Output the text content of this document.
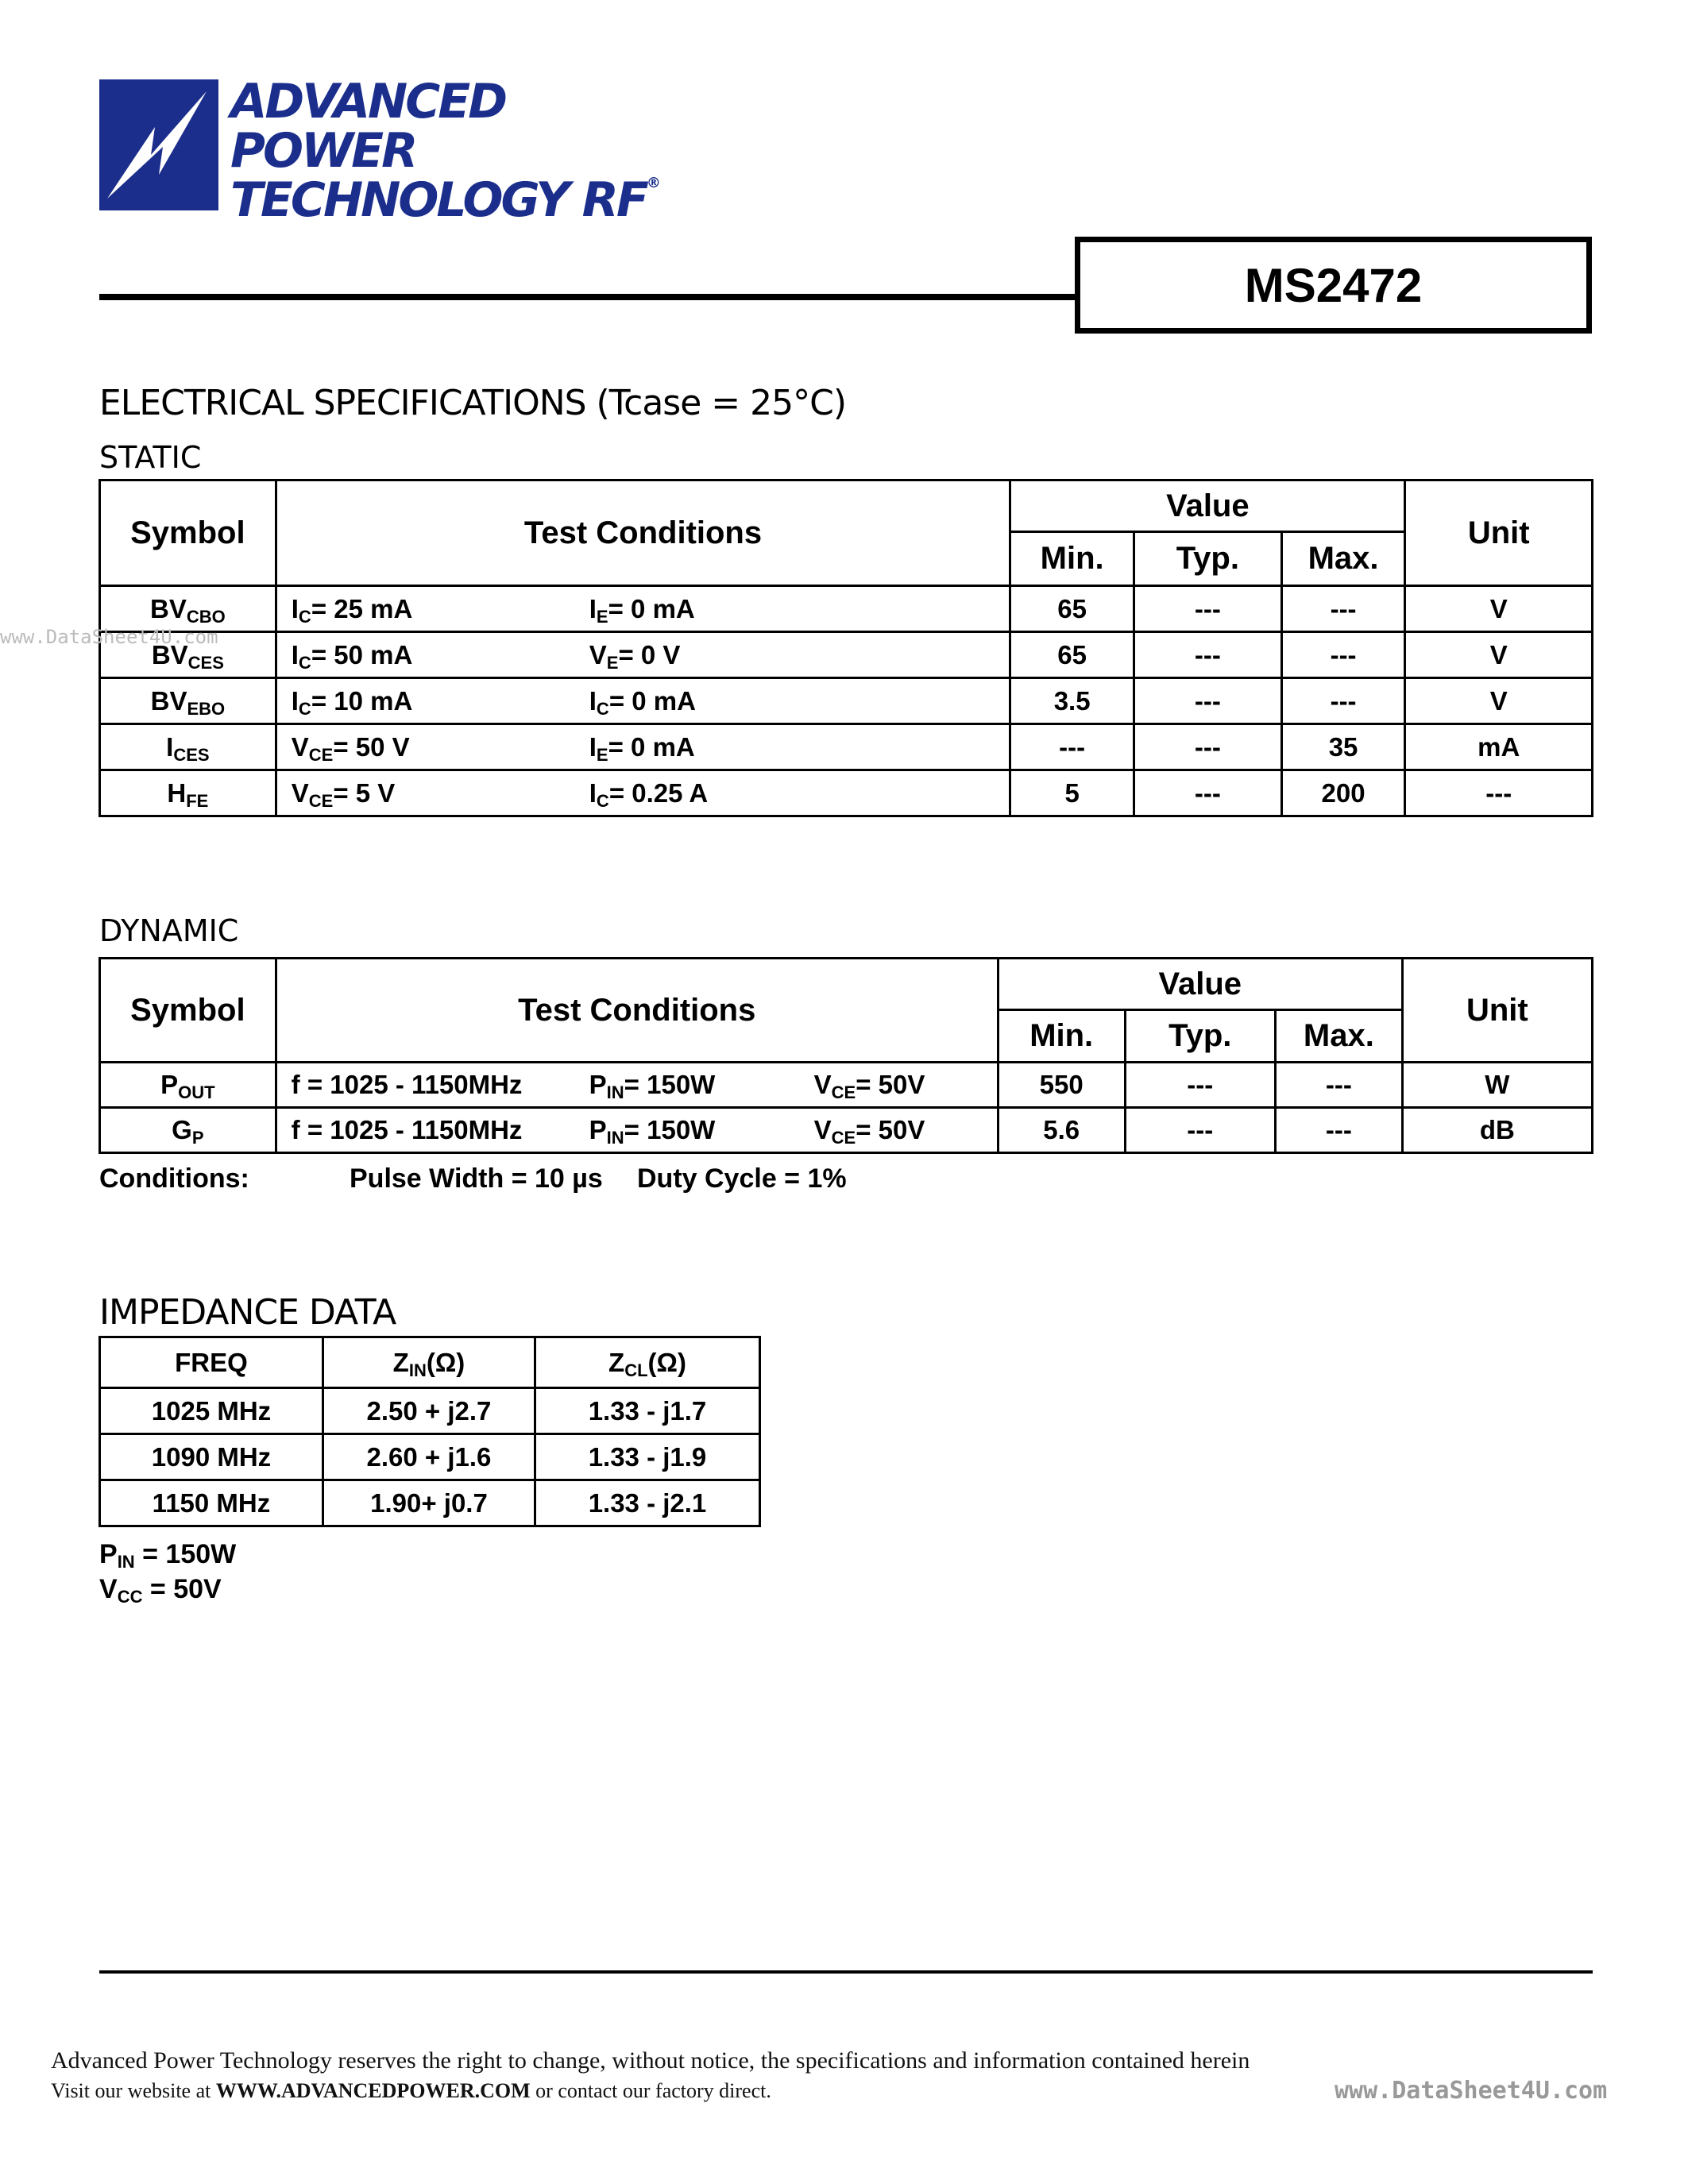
ADVANCED
POWER
TECHNOLOGY RF®
MS2472
ELECTRICAL SPECIFICATIONS (Tcase = 25°C)
STATIC
Symbol	Test Conditions	Value			Unit
		Min.	Typ.	Max.	
$BV_{CBO}$	$I_C= 25$ mA $I_E= 0$ mA	65	---	---	V
$BV_{CES}$	$I_C= 50$ mA $V_E= 0$ V	65	---	---	V
$BV_{EBO}$	$I_C= 10$ mA $I_C= 0$ mA	3.5	---	---	V
$I_{CES}$	$V_{CE}= 50$ V $I_E= 0$ mA	---	---	35	mA
$H_{FE}$	$V_{CE}= 5$ V $I_C= 0.25$ A	5	---	200	---
DYNAMIC
Symbol	Test Conditions	Value			Unit
		Min.	Typ.	Max.	
$P_{OUT}$	f = 1025 - 1150MHz $P_{IN}= 150W$ $V_{CE}= 50V$	550	---	---	W
$G_P$	f = 1025 - 1150MHz $P_{IN}= 150W$ $V_{CE}= 50V$	5.6	---	---	dB
Conditions:	Pulse Width = 10 µs Duty Cycle = 1%
IMPEDANCE DATA
FREQ	$Z_{IN}(\Omega)$	$Z_{CL}(\Omega)$
1025 MHz	2.50 + j2.7	1.33 - j1.7
1090 MHz	2.60 + j1.6	1.33 - j1.9
1150 MHz	1.90+ j0.7	1.33 - j2.1
$P_{IN} = 150W$
$V_{CC} = 50V$
Advanced Power Technology reserves the right to change, without notice, the specifications and information contained herein
Visit our website at WWW.ADVANCEDPOWER.COM or contact our factory direct.	www.DataSheet4U.com
www.DataSheet4U.com
